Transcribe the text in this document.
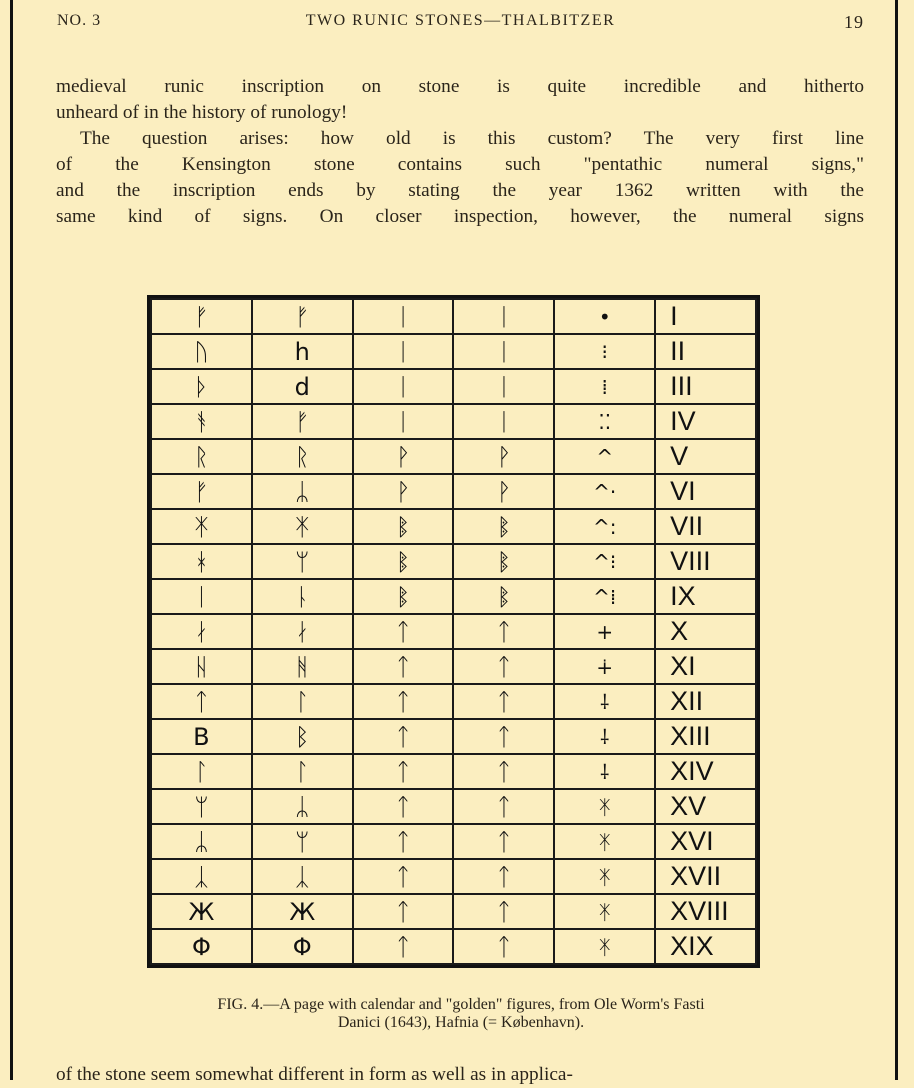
NO. 3	TWO RUNIC STONES—THALBITZER	19

medieval runic inscription on stone is quite incredible and hitherto
unheard of in the history of runology!

The question arises: how old is this custom? The very first line
of the Kensington stone contains such "pentathic numeral signs,"
and the inscription ends by stating the year 1362 written with the
same kind of signs. On closer inspection, however, the numeral signs

ᚠ	ᚠ	ᛁ	ᛁ	•	I
ᚢ	h	ᛁ	ᛁ	⁝	II
ᚦ	d	ᛁ	ᛁ	⁞	III
ᚬ	ᚠ	ᛁ	ᛁ	⁚⁚	IV
ᚱ	ᚱ	ᚹ	ᚹ	^	V
ᚠ	ᛦ	ᚹ	ᚹ	^·	VI
ᛡ	ᛡ	ᛔ	ᛔ	^:	VII
ᚼ	ᛘ	ᛔ	ᛔ	^⁝	VIII
ᛁ	ᚿ	ᛔ	ᛔ	^⁞	IX
ᛅ	ᛅ	ᛏ	ᛏ	+	X
ᚺ	ᚻ	ᛏ	ᛏ	∔	XI
ᛏ	ᛚ	ᛏ	ᛏ	⸸	XII
B	ᛒ	ᛏ	ᛏ	⸸	XIII
ᛚ	ᛚ	ᛏ	ᛏ	⸸	XIV
ᛘ	ᛦ	ᛏ	ᛏ	ᛡ	XV
ᛦ	ᛘ	ᛏ	ᛏ	ᛡ	XVI
ᛣ	ᛣ	ᛏ	ᛏ	ᛡ	XVII
Ж	Ж	ᛏ	ᛏ	ᛡ	XVIII
Φ	Φ	ᛏ	ᛏ	ᛡ	XIX
FIG. 4.—A page with calendar and "golden" figures, from Ole Worm's Fasti
Danici (1643), Hafnia (= København).
of the stone seem somewhat different in form as well as in applica-
